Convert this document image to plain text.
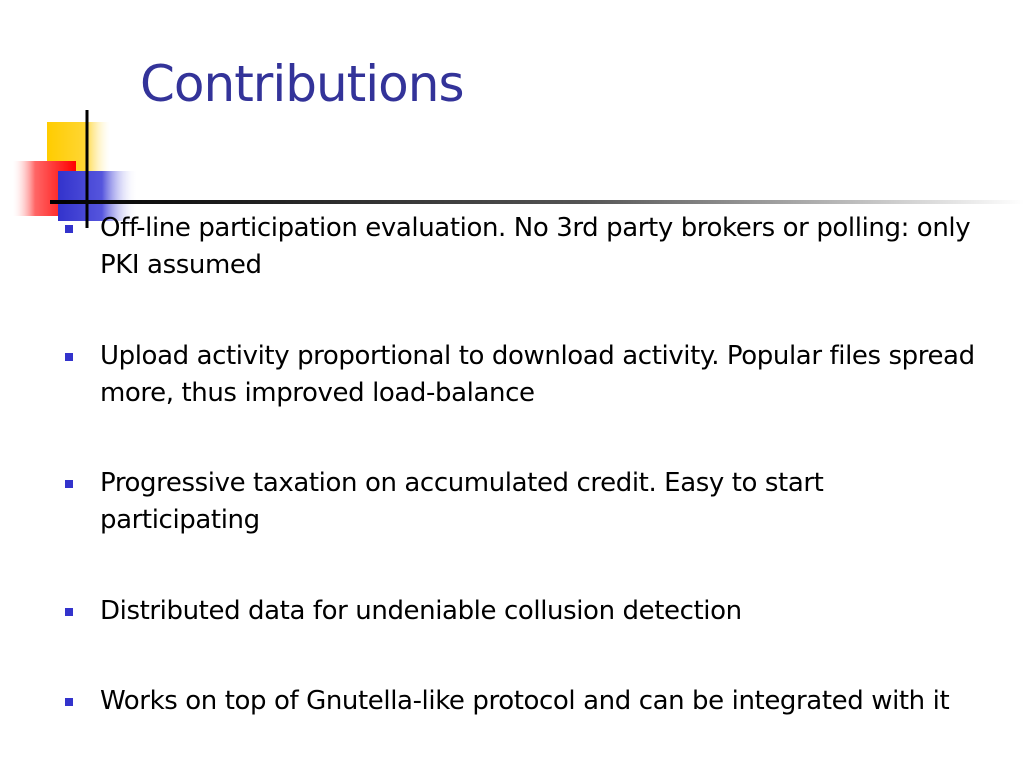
Contributions
Off-line participation evaluation. No 3rd party brokers or polling: only PKI assumed
Upload activity proportional to download activity. Popular files spread more, thus improved load-balance
Progressive taxation on accumulated credit. Easy to start participating
Distributed data for undeniable collusion detection
Works on top of Gnutella-like protocol and can be integrated with it
